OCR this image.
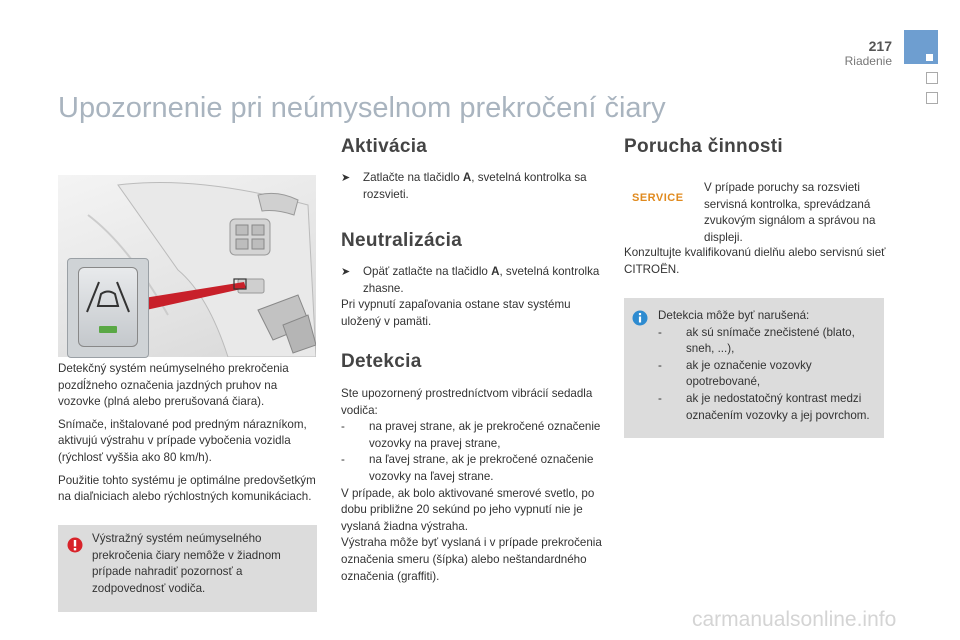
217
Riadenie
Upozornenie pri neúmyselnom prekročení čiary

Detekčný systém neúmyselného prekročenia pozdĺžneho označenia jazdných pruhov na vozovke (plná alebo prerušovaná čiara).

Snímače, inštalované pod predným nárazníkom, aktivujú výstrahu v prípade vybočenia vozidla (rýchlosť vyššia ako 80 km/h).

Použitie tohto systému je optimálne predovšetkým na diaľniciach alebo rýchlostných komunikáciach.

Výstražný systém neúmyselného prekročenia čiary nemôže v žiadnom prípade nahradiť pozornosť a zodpovednosť vodiča.
Aktivácia
➤ Zatlačte na tlačidlo A, svetelná kontrolka sa rozsvieti.
Neutralizácia
➤ Opäť zatlačte na tlačidlo A, svetelná kontrolka zhasne.
Pri vypnutí zapaľovania ostane stav systému uložený v pamäti.
Detekcia
Ste upozornený prostredníctvom vibrácií sedadla vodiča:
- na pravej strane, ak je prekročené označenie vozovky na pravej strane,
- na ľavej strane, ak je prekročené označenie vozovky na ľavej strane.
V prípade, ak bolo aktivované smerové svetlo, po dobu približne 20 sekúnd po jeho vypnutí nie je vyslaná žiadna výstraha.
Výstraha môže byť vyslaná i v prípade prekročenia označenia smeru (šípka) alebo neštandardného označenia (graffiti).
Porucha činnosti
SERVICE
V prípade poruchy sa rozsvieti servisná kontrolka, sprevádzaná zvukovým signálom a správou na displeji.
Konzultujte kvalifikovanú dielňu alebo servisnú sieť CITROËN.
Detekcia môže byť narušená:
- ak sú snímače znečistené (blato, sneh, ...),
- ak je označenie vozovky opotrebované,
- ak je nedostatočný kontrast medzi označením vozovky a jej povrchom.
carmanualsonline.info
